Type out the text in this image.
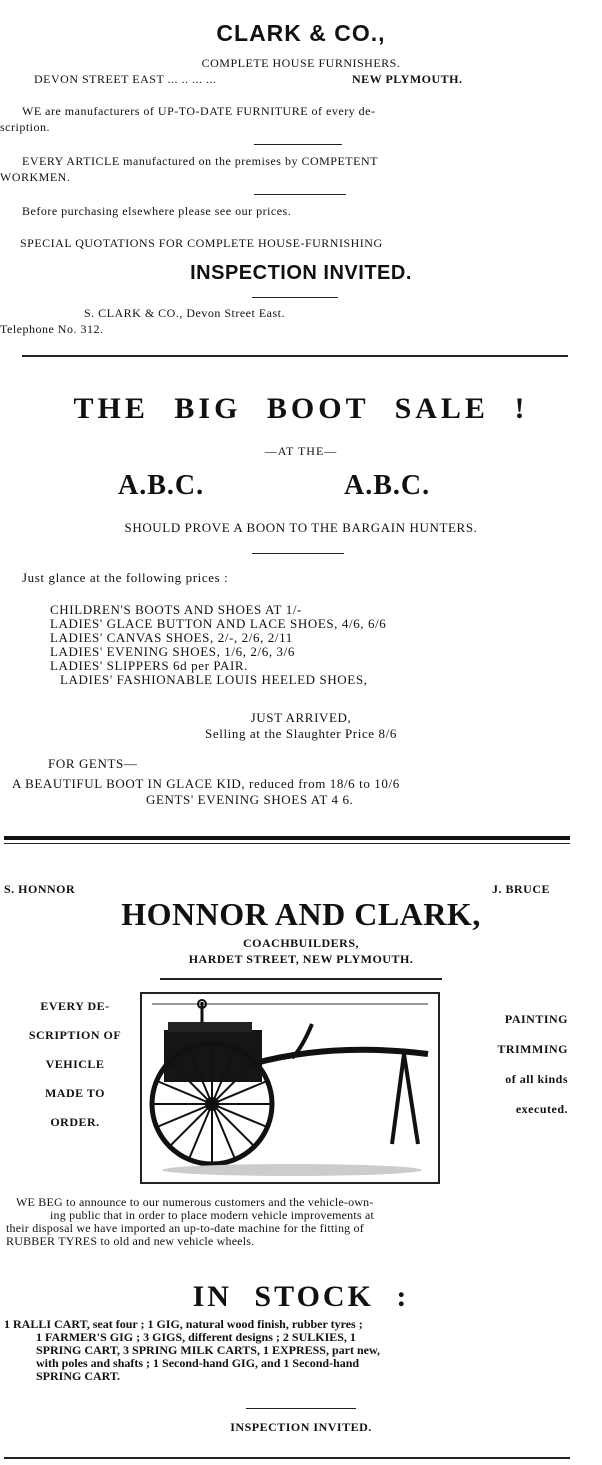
CLARK & CO.,
COMPLETE HOUSE FURNISHERS.
DEVON STREET EAST ... .. ... ...	NEW PLYMOUTH.
WE are manufacturers of UP-TO-DATE FURNITURE of every de-
scription.
EVERY ARTICLE manufactured on the premises by COMPETENT
WORKMEN.
Before purchasing elsewhere please see our prices.
SPECIAL QUOTATIONS FOR COMPLETE HOUSE-FURNISHING
INSPECTION INVITED.
S. CLARK & CO., Devon Street East.
Telephone No. 312.
THE BIG BOOT SALE !
—AT THE—
A.B.C.	A.B.C.
SHOULD PROVE A BOON TO THE BARGAIN HUNTERS.
Just glance at the following prices :
CHILDREN'S BOOTS AND SHOES AT 1/-
LADIES' GLACE BUTTON AND LACE SHOES, 4/6, 6/6
LADIES' CANVAS SHOES, 2/-, 2/6, 2/11
LADIES' EVENING SHOES, 1/6, 2/6, 3/6
LADIES' SLIPPERS 6d per PAIR.
LADIES' FASHIONABLE LOUIS HEELED SHOES,
JUST ARRIVED,
Selling at the Slaughter Price 8/6
FOR GENTS—
A BEAUTIFUL BOOT IN GLACE KID, reduced from 18/6 to 10/6
GENTS' EVENING SHOES AT 4 6.
S. HONNOR	J. BRUCE
HONNOR AND CLARK,
COACHBUILDERS,
HARDET STREET, NEW PLYMOUTH.
EVERY DE-
SCRIPTION OF
VEHICLE
MADE TO
ORDER.
PAINTING
TRIMMING
of all kinds
executed.
WE BEG to announce to our numerous customers and the vehicle-own-
ing public that in order to place modern vehicle improvements at
their disposal we have imported an up-to-date machine for the fitting of
RUBBER TYRES to old and new vehicle wheels.
IN STOCK :
1 RALLI CART, seat four ; 1 GIG, natural wood finish, rubber tyres ;
1 FARMER'S GIG ; 3 GIGS, different designs ; 2 SULKIES, 1
SPRING CART, 3 SPRING MILK CARTS, 1 EXPRESS, part new,
with poles and shafts ; 1 Second-hand GIG, and 1 Second-hand
SPRING CART.
INSPECTION INVITED.
